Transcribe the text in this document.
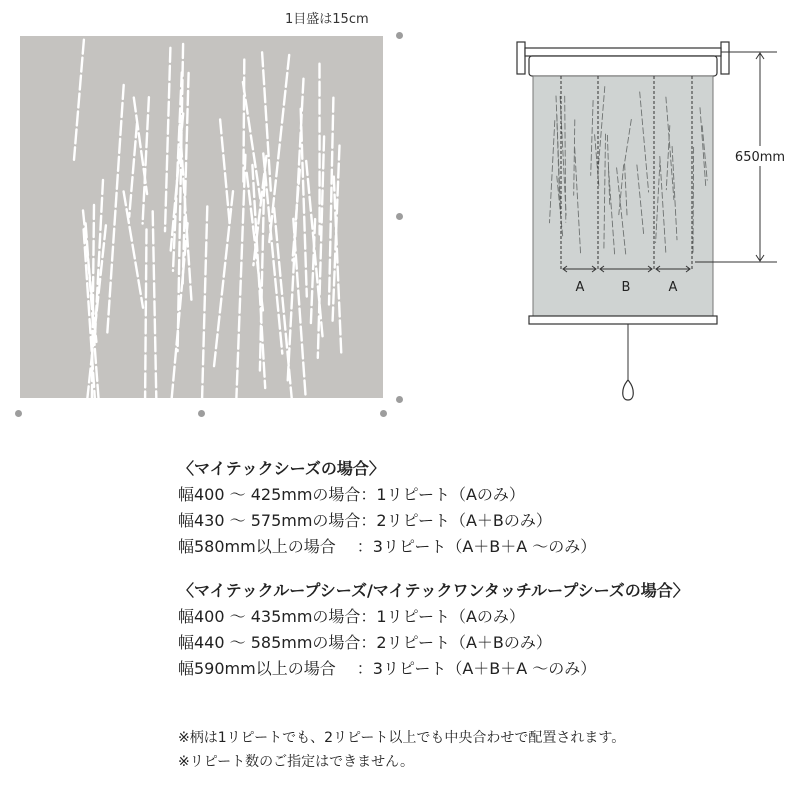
1目盛は15cm
A	B	A
650mm
〈マイテックシーズの場合〉
幅400 ～ 425mmの場合：1リピート（Aのみ）
幅430 ～ 575mmの場合：2リピート（A＋Bのみ）
幅580mm以上の場合　 ：3リピート（A＋B＋A ～のみ）
〈マイテックループシーズ/マイテックワンタッチループシーズの場合〉
幅400 ～ 435mmの場合：1リピート（Aのみ）
幅440 ～ 585mmの場合：2リピート（A＋Bのみ）
幅590mm以上の場合　 ：3リピート（A＋B＋A ～のみ）
※柄は1リピートでも、2リピート以上でも中央合わせで配置されます。
※リピート数のご指定はできません。
